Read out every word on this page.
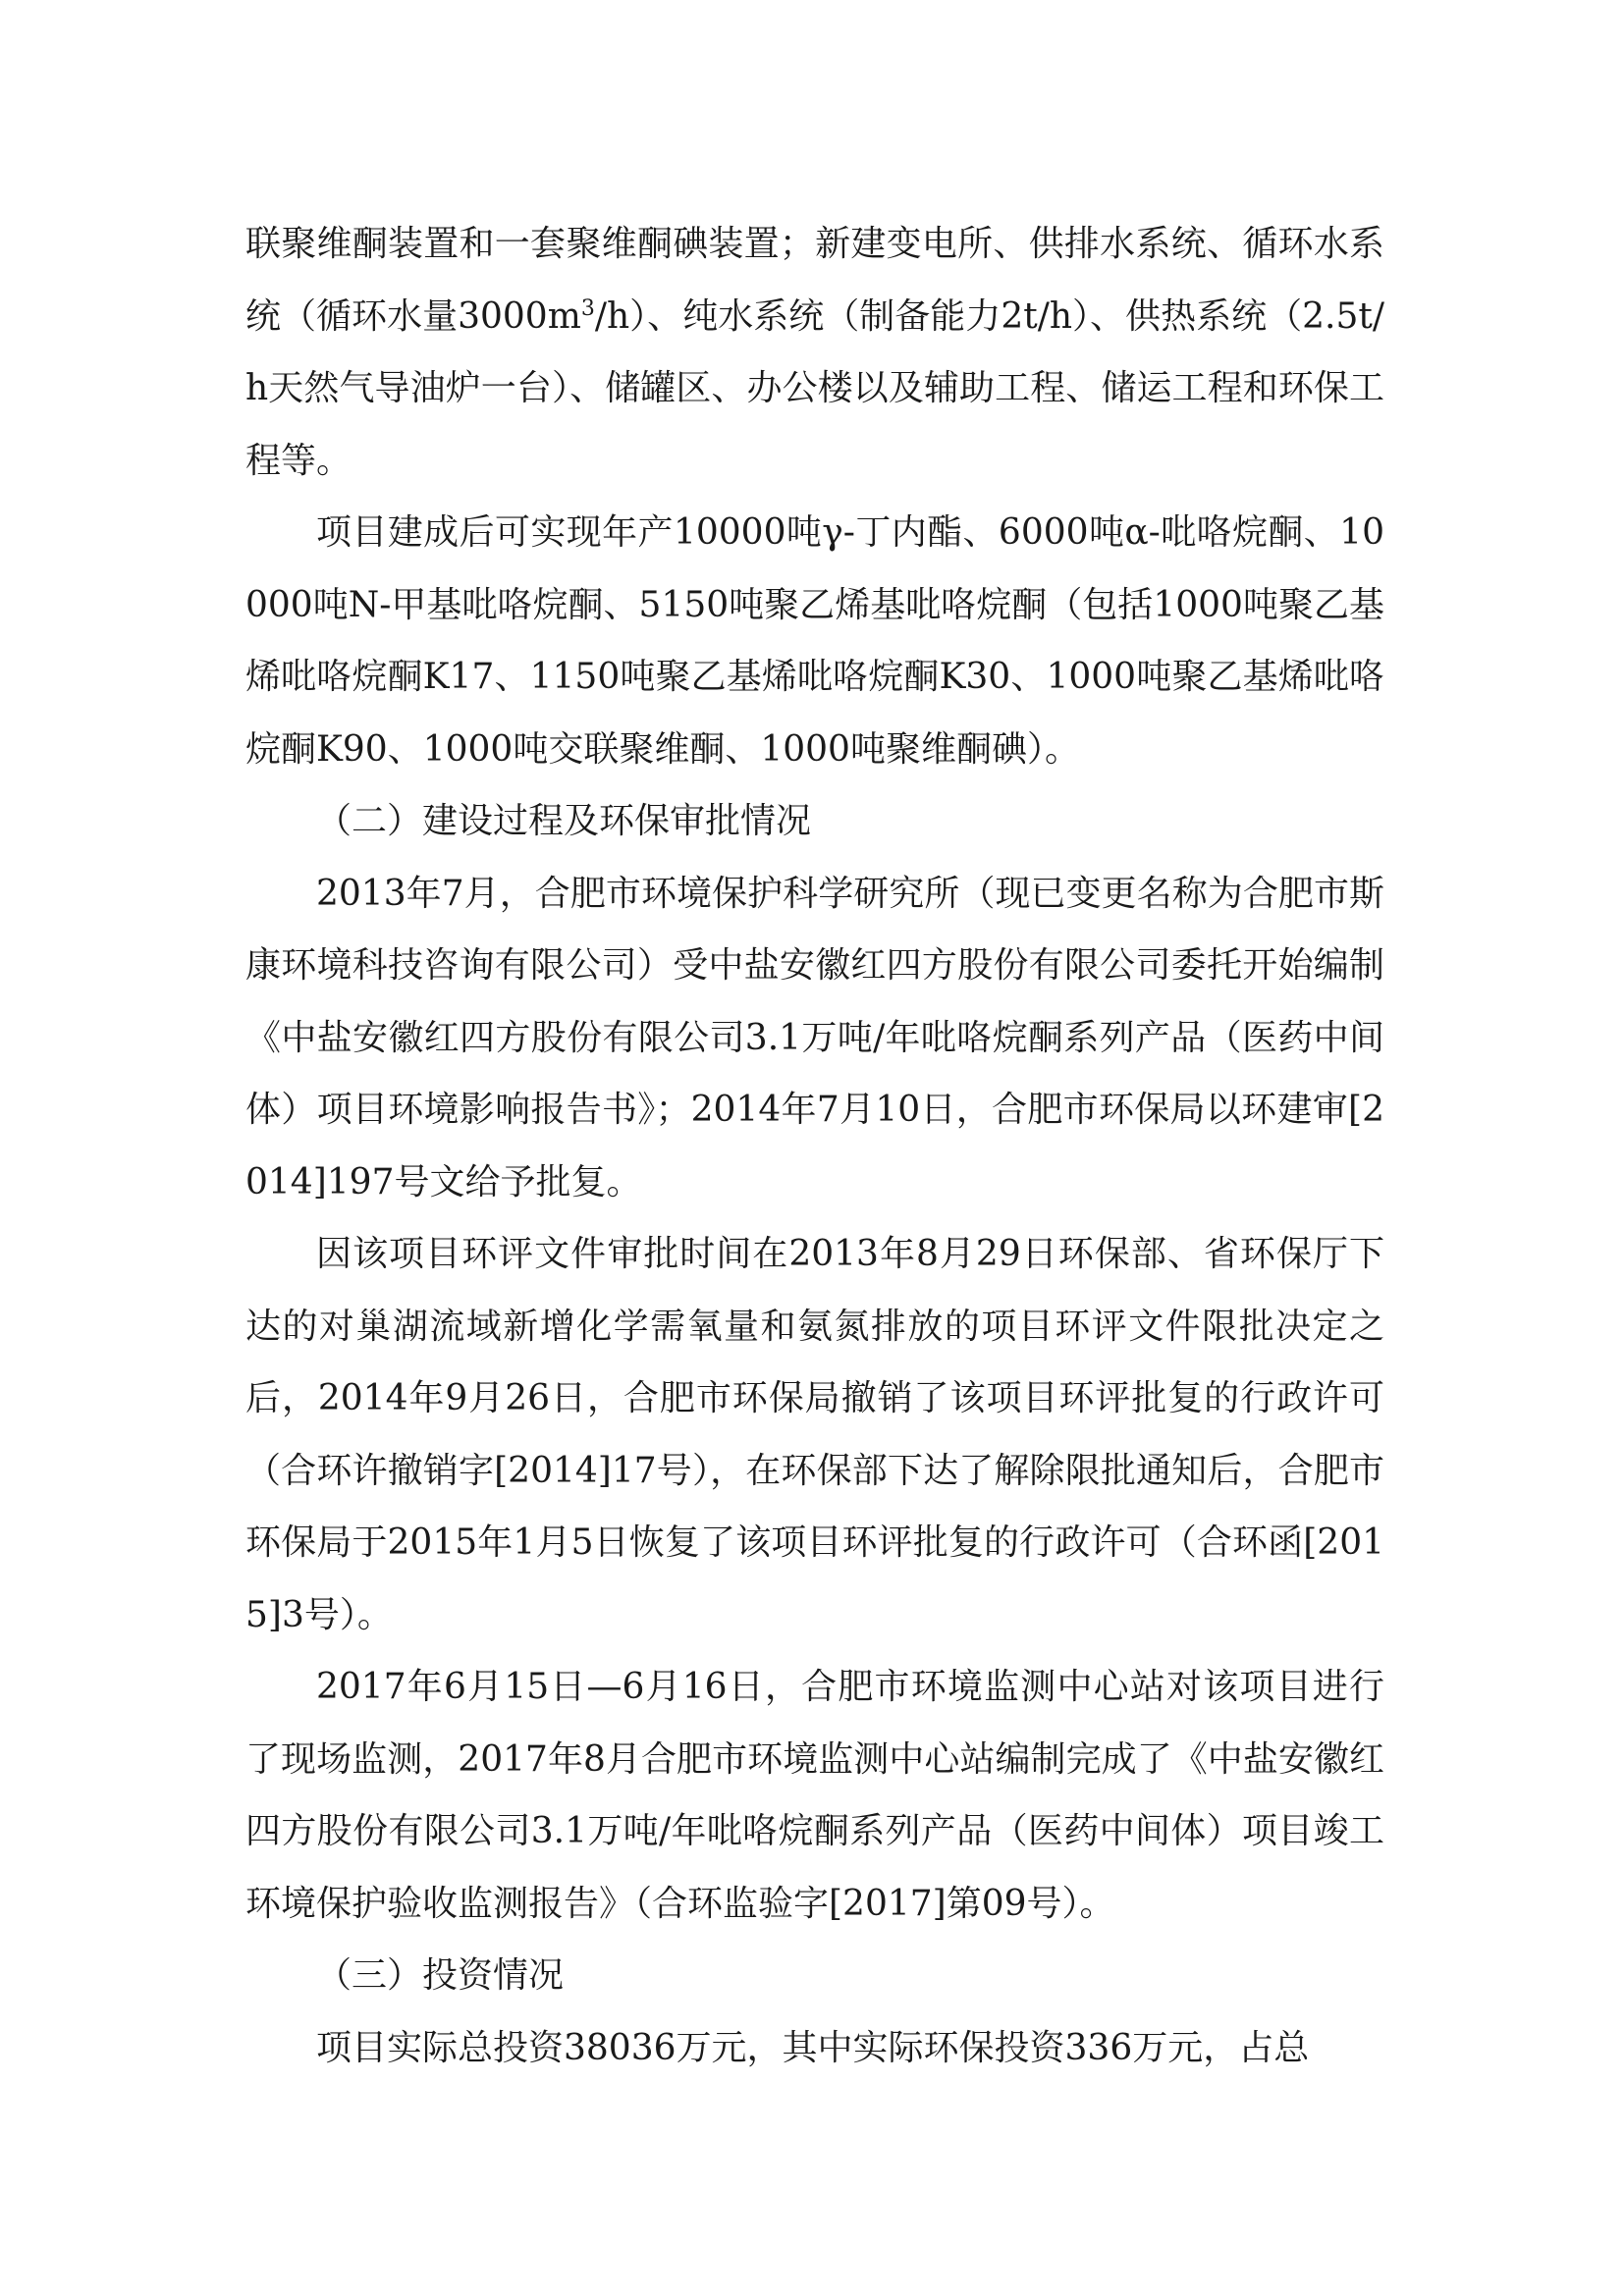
联聚维酮装置和一套聚维酮碘装置；新建变电所、供排水系统、循环水系统（循环水量$3000m^3/h$）、纯水系统（制备能力2t/h）、供热系统（2.5t/h天然气导油炉一台）、储罐区、办公楼以及辅助工程、储运工程和环保工程等。

项目建成后可实现年产10000吨γ-丁内酯、6000吨α-吡咯烷酮、10000吨N-甲基吡咯烷酮、5150吨聚乙烯基吡咯烷酮（包括1000吨聚乙基烯吡咯烷酮K17、1150吨聚乙基烯吡咯烷酮K30、1000吨聚乙基烯吡咯烷酮K90、1000吨交联聚维酮、1000吨聚维酮碘）。

（二）建设过程及环保审批情况

2013年7月，合肥市环境保护科学研究所（现已变更名称为合肥市斯康环境科技咨询有限公司）受中盐安徽红四方股份有限公司委托开始编制《中盐安徽红四方股份有限公司3.1万吨/年吡咯烷酮系列产品（医药中间体）项目环境影响报告书》；2014年7月10日，合肥市环保局以环建审[2014]197号文给予批复。

因该项目环评文件审批时间在2013年8月29日环保部、省环保厅下达的对巢湖流域新增化学需氧量和氨氮排放的项目环评文件限批决定之后，2014年9月26日，合肥市环保局撤销了该项目环评批复的行政许可（合环许撤销字[2014]17号），在环保部下达了解除限批通知后，合肥市环保局于2015年1月5日恢复了该项目环评批复的行政许可（合环函[2015]3号）。

2017年6月15日—6月16日，合肥市环境监测中心站对该项目进行了现场监测，2017年8月合肥市环境监测中心站编制完成了《中盐安徽红四方股份有限公司3.1万吨/年吡咯烷酮系列产品（医药中间体）项目竣工环境保护验收监测报告》（合环监验字[2017]第09号）。

（三）投资情况

项目实际总投资38036万元，其中实际环保投资336万元，占总
